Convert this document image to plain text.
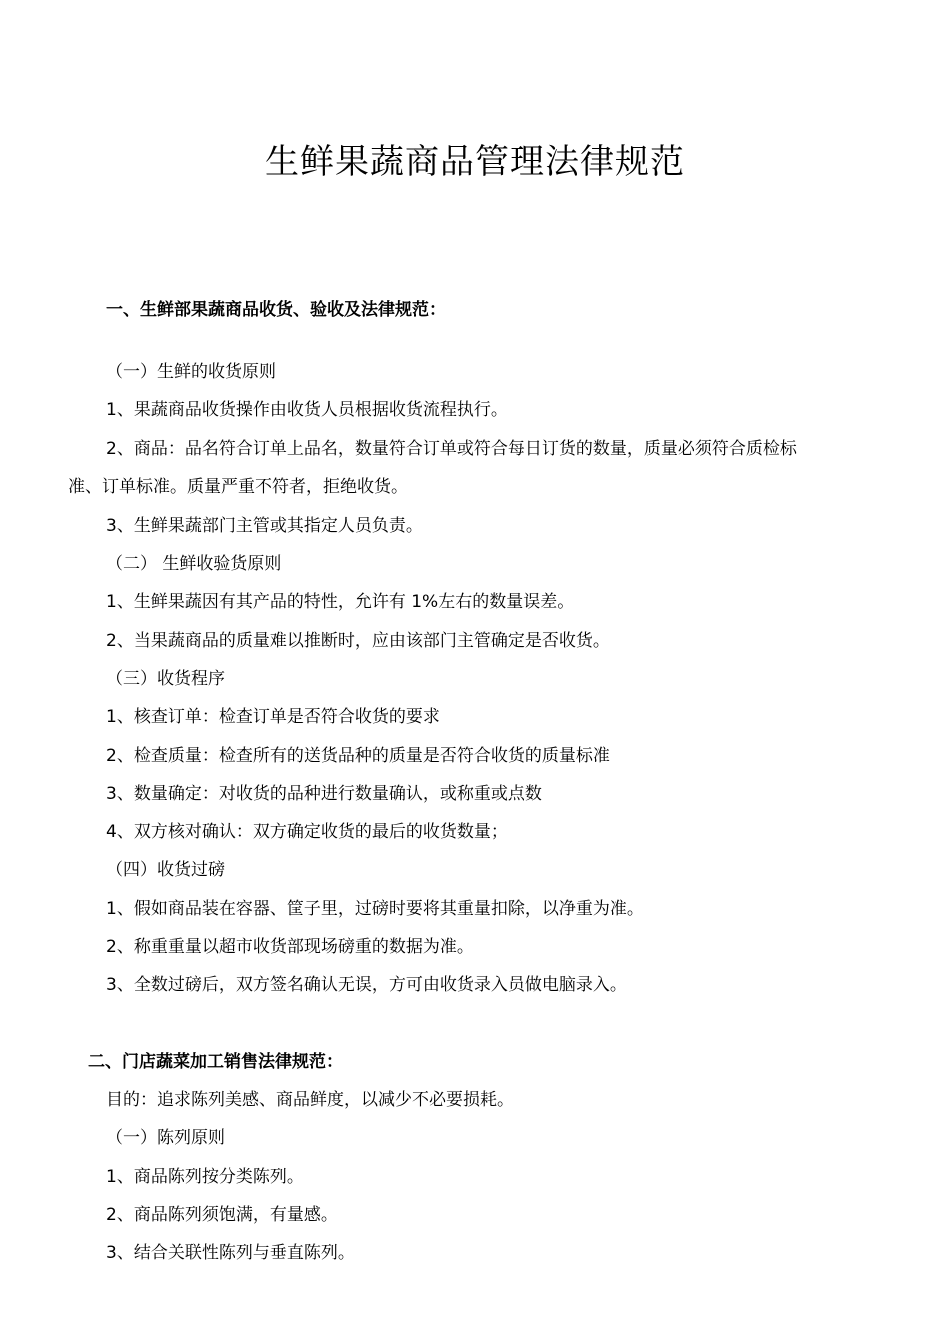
生鲜果蔬商品管理法律规范
一、生鲜部果蔬商品收货、验收及法律规范：
（一）生鲜的收货原则
1、果蔬商品收货操作由收货人员根据收货流程执行。
2、商品：品名符合订单上品名，数量符合订单或符合每日订货的数量，质量必须符合质检标
准、订单标准。质量严重不符者，拒绝收货。
3、生鲜果蔬部门主管或其指定人员负责。
（二） 生鲜收验货原则
1、生鲜果蔬因有其产品的特性，允许有 1%左右的数量误差。
2、当果蔬商品的质量难以推断时，应由该部门主管确定是否收货。
（三）收货程序
1、核查订单：检查订单是否符合收货的要求
2、检查质量：检查所有的送货品种的质量是否符合收货的质量标准
3、数量确定：对收货的品种进行数量确认，或称重或点数
4、双方核对确认：双方确定收货的最后的收货数量；
（四）收货过磅
1、假如商品装在容器、筐子里，过磅时要将其重量扣除，以净重为准。
2、称重重量以超市收货部现场磅重的数据为准。
3、全数过磅后，双方签名确认无误，方可由收货录入员做电脑录入。
二、门店蔬菜加工销售法律规范：
目的：追求陈列美感、商品鲜度，以减少不必要损耗。
（一）陈列原则
1、商品陈列按分类陈列。
2、商品陈列须饱满，有量感。
3、结合关联性陈列与垂直陈列。
